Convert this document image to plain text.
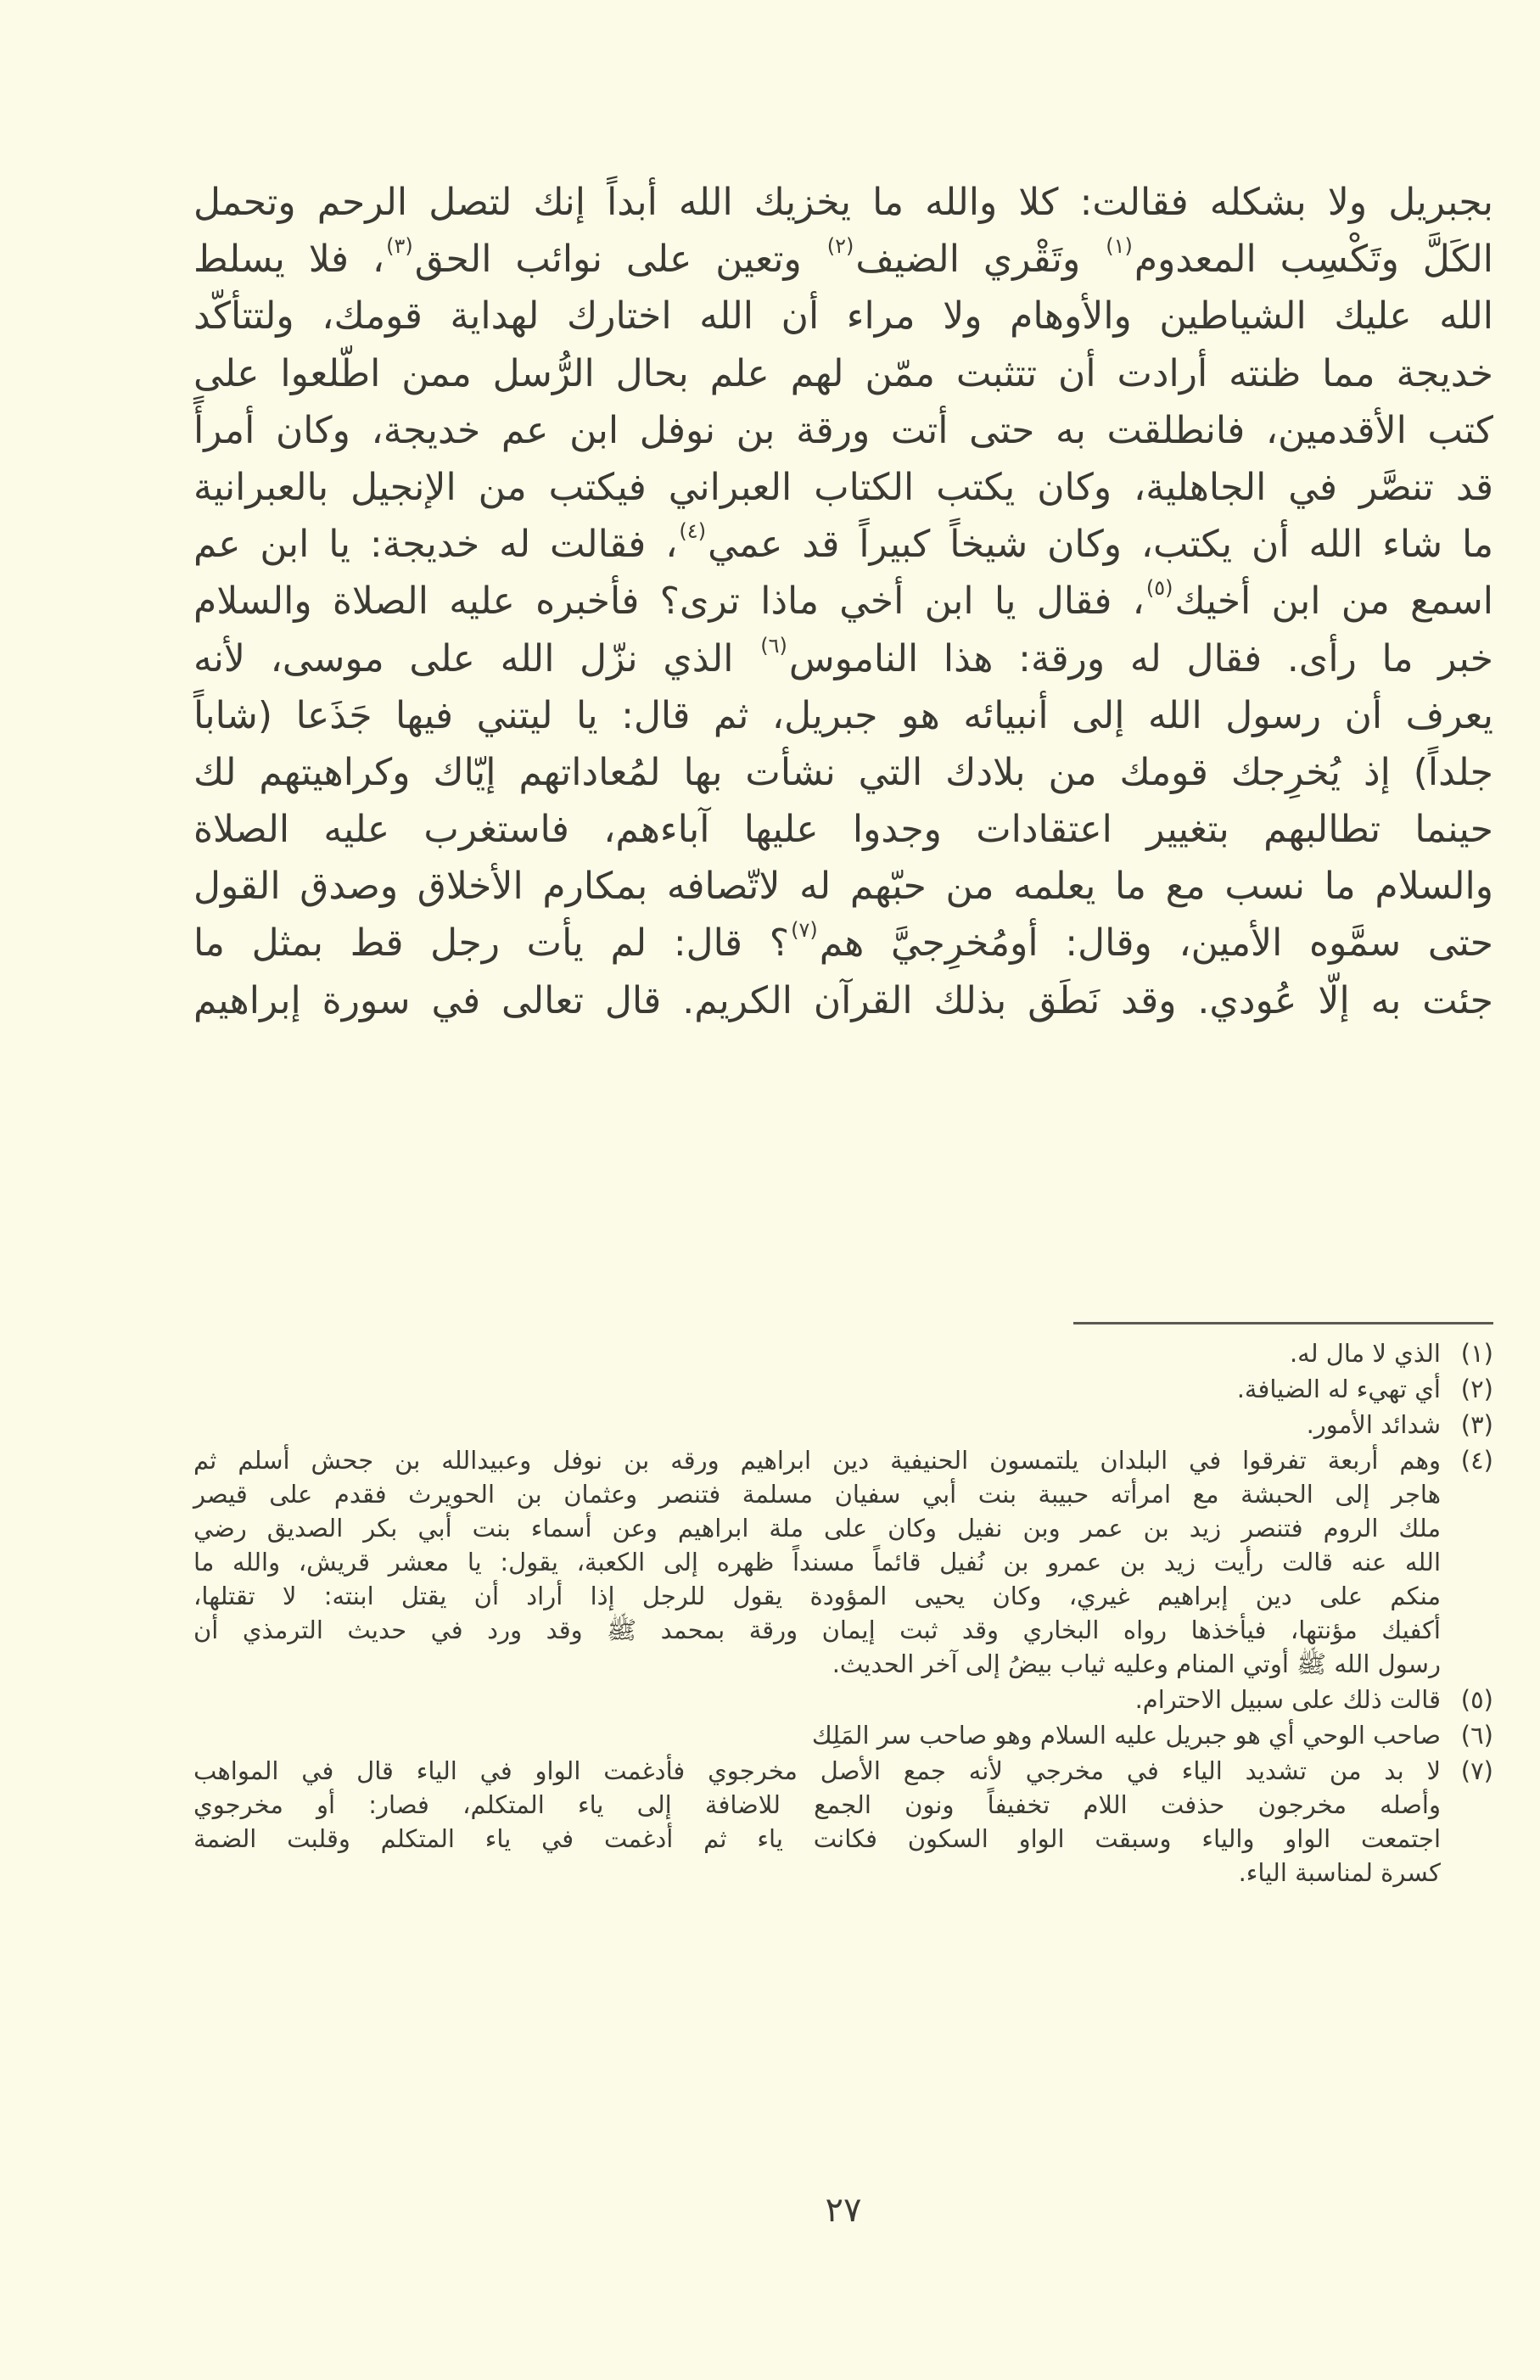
بجبريل ولا بشكله فقالت: كلا والله ما يخزيك الله أبداً إنك لتصل الرحم وتحمل
الكَلَّ وتَكْسِب المعدوم$^{(١)}$ وتَقْري الضيف$^{(٢)}$ وتعين على نوائب الحق$^{(٣)}$، فلا يسلط
الله عليك الشياطين والأوهام ولا مراء أن الله اختارك لهداية قومك، ولتتأكّد
خديجة مما ظنته أرادت أن تتثبت ممّن لهم علم بحال الرُّسل ممن اطّلعوا على
كتب الأقدمين، فانطلقت به حتى أتت ورقة بن نوفل ابن عم خديجة، وكان أمرأً
قد تنصَّر في الجاهلية، وكان يكتب الكتاب العبراني فيكتب من الإنجيل بالعبرانية
ما شاء الله أن يكتب، وكان شيخاً كبيراً قد عمي$^{(٤)}$، فقالت له خديجة: يا ابن عم
اسمع من ابن أخيك$^{(٥)}$، فقال يا ابن أخي ماذا ترى؟ فأخبره عليه الصلاة والسلام
خبر ما رأى. فقال له ورقة: هذا الناموس$^{(٦)}$ الذي نزّل الله على موسى، لأنه
يعرف أن رسول الله إلى أنبيائه هو جبريل، ثم قال: يا ليتني فيها جَذَعا (شاباً
جلداً) إذ يُخرِجك قومك من بلادك التي نشأت بها لمُعاداتهم إيّاك وكراهيتهم لك
حينما تطالبهم بتغيير اعتقادات وجدوا عليها آباءهم، فاستغرب عليه الصلاة
والسلام ما نسب مع ما يعلمه من حبّهم له لاتّصافه بمكارم الأخلاق وصدق القول
حتى سمَّوه الأمين، وقال: أومُخرِجيَّ هم$^{(٧)}$؟ قال: لم يأت رجل قط بمثل ما
جئت به إلّا عُودي. وقد نَطَق بذلك القرآن الكريم. قال تعالى في سورة إبراهيم
(١)
الذي لا مال له.
(٢)
أي تهيء له الضيافة.
(٣)
شدائد الأمور.
(٤)
وهم أربعة تفرقوا في البلدان يلتمسون الحنيفية دين ابراهيم ورقه بن نوفل وعبيدالله بن جحش أسلم ثم
هاجر إلى الحبشة مع امرأته حبيبة بنت أبي سفيان مسلمة فتنصر وعثمان بن الحويرث فقدم على قيصر
ملك الروم فتنصر زيد بن عمر وبن نفيل وكان على ملة ابراهيم وعن أسماء بنت أبي بكر الصديق رضي
الله عنه قالت رأيت زيد بن عمرو بن نُفيل قائماً مسنداً ظهره إلى الكعبة، يقول: يا معشر قريش، والله ما
منكم على دين إبراهيم غيري، وكان يحيى المؤودة يقول للرجل إذا أراد أن يقتل ابنته: لا تقتلها،
أكفيك مؤنتها، فيأخذها رواه البخاري وقد ثبت إيمان ورقة بمحمد ﷺ وقد ورد في حديث الترمذي أن
رسول الله ﷺ أوتي المنام وعليه ثياب بيضُ إلى آخر الحديث.
(٥)
قالت ذلك على سبيل الاحترام.
(٦)
صاحب الوحي أي هو جبريل عليه السلام وهو صاحب سر المَلِك
(٧)
لا بد من تشديد الياء في مخرجي لأنه جمع الأصل مخرجوي فأدغمت الواو في الياء قال في المواهب
وأصله مخرجون حذفت اللام تخفيفاً ونون الجمع للاضافة إلى ياء المتكلم، فصار: أو مخرجوي
اجتمعت الواو والياء وسبقت الواو السكون فكانت ياء ثم أدغمت في ياء المتكلم وقلبت الضمة
كسرة لمناسبة الياء.
٢٧
